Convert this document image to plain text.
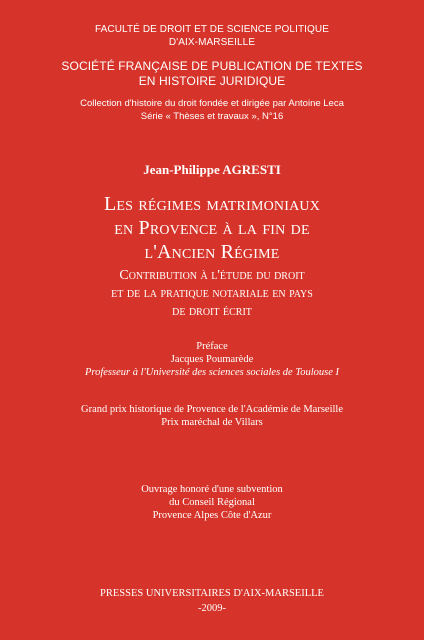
FACULTÉ DE DROIT ET DE SCIENCE POLITIQUE

D'AIX-MARSEILLE

SOCIÉTÉ FRANÇAISE DE PUBLICATION DE TEXTES

EN HISTOIRE JURIDIQUE

Collection d'histoire du droit fondée et dirigée par Antoine Leca

Série « Thèses et travaux », N°16

Jean-Philippe AGRESTI

Les régimes matrimoniaux

en Provence à la fin de

l'Ancien Régime

Contribution à l'étude du droit

et de la pratique notariale en pays

de droit écrit

Préface

Jacques Poumarède

Professeur à l'Université des sciences sociales de Toulouse I

Grand prix historique de Provence de l'Académie de Marseille

Prix maréchal de Villars

Ouvrage honoré d'une subvention

du Conseil Régional

Provence Alpes Côte d'Azur

PRESSES UNIVERSITAIRES D'AIX-MARSEILLE

-2009-
